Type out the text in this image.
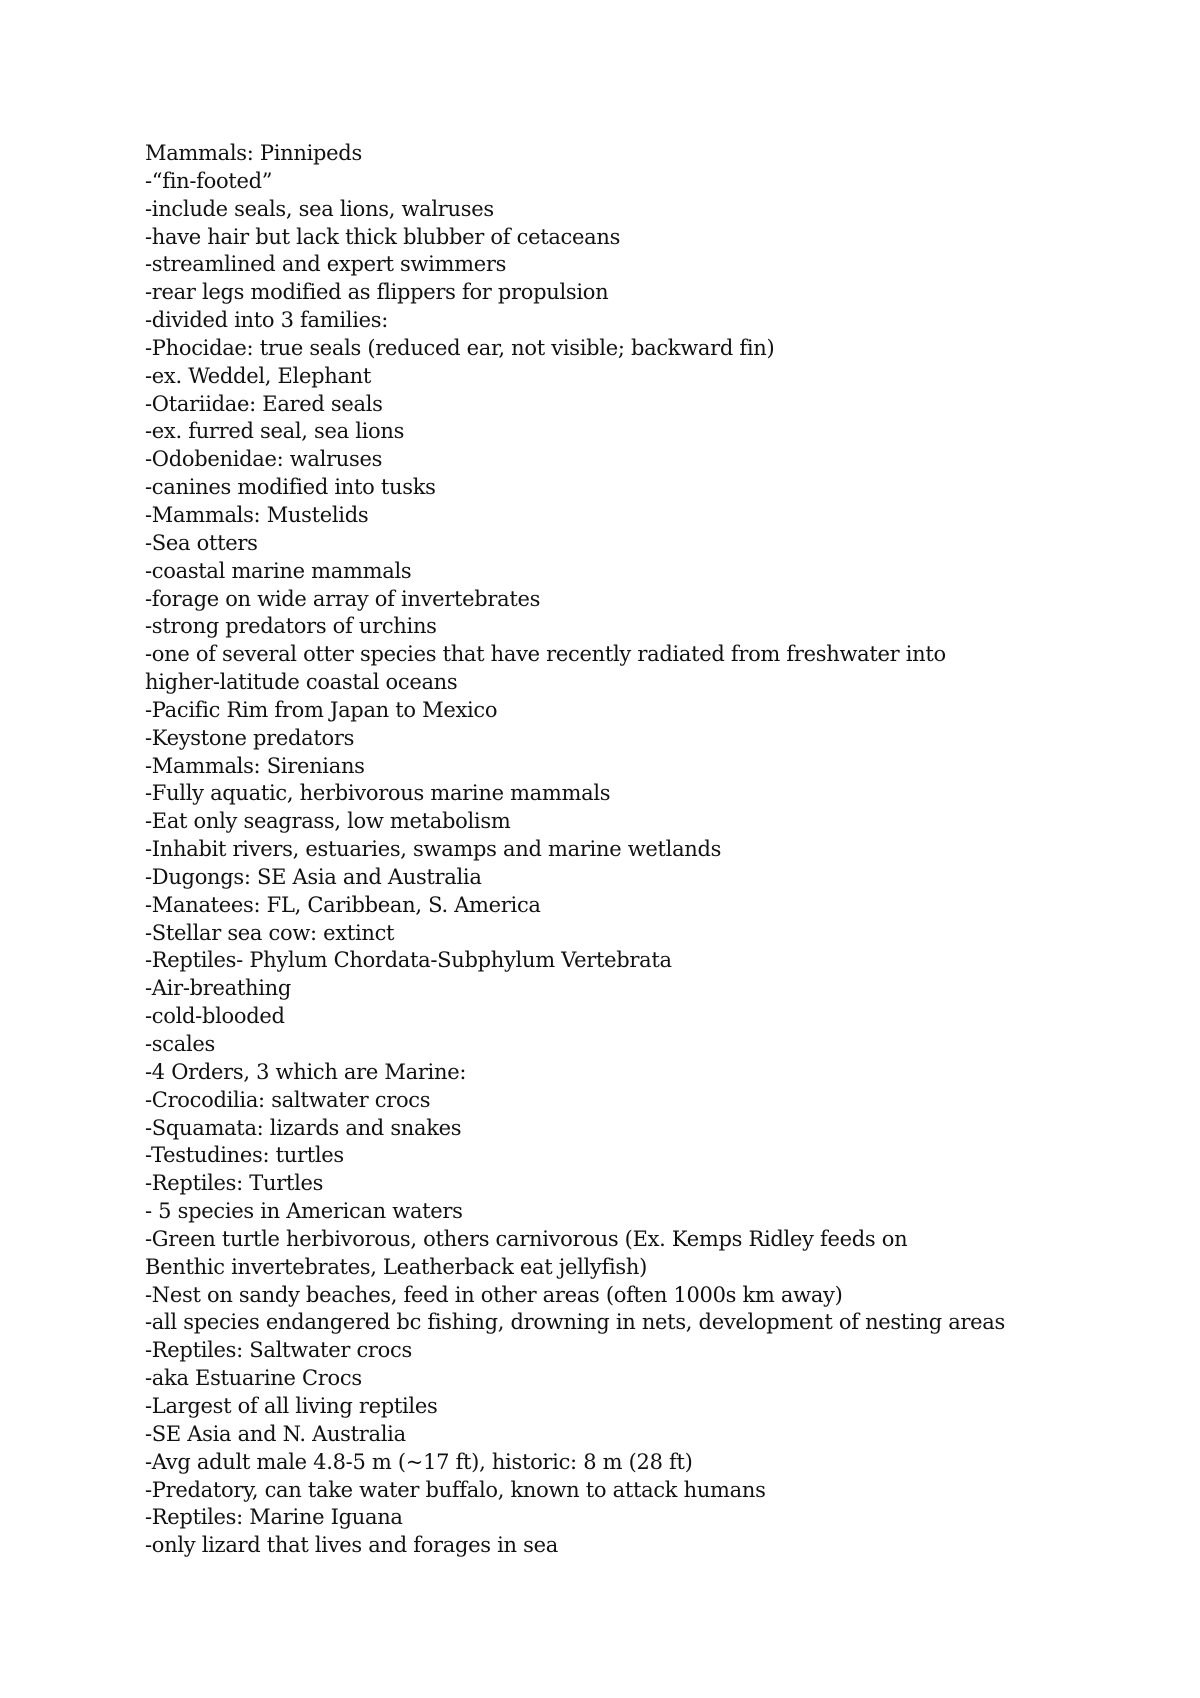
Mammals: Pinnipeds
-“fin-footed”
-include seals, sea lions, walruses
-have hair but lack thick blubber of cetaceans
-streamlined and expert swimmers
-rear legs modified as flippers for propulsion
-divided into 3 families:
-Phocidae: true seals (reduced ear, not visible; backward fin)
-ex. Weddel, Elephant
-Otariidae: Eared seals
-ex. furred seal, sea lions
-Odobenidae: walruses
-canines modified into tusks
-Mammals: Mustelids
-Sea otters
-coastal marine mammals
-forage on wide array of invertebrates
-strong predators of urchins
-one of several otter species that have recently radiated from freshwater into
higher-latitude coastal oceans
-Pacific Rim from Japan to Mexico
-Keystone predators
-Mammals: Sirenians
-Fully aquatic, herbivorous marine mammals
-Eat only seagrass, low metabolism
-Inhabit rivers, estuaries, swamps and marine wetlands
-Dugongs: SE Asia and Australia
-Manatees: FL, Caribbean, S. America
-Stellar sea cow: extinct
-Reptiles- Phylum Chordata-Subphylum Vertebrata
-Air-breathing
-cold-blooded
-scales
-4 Orders, 3 which are Marine:
-Crocodilia: saltwater crocs
-Squamata: lizards and snakes
-Testudines: turtles
-Reptiles: Turtles
- 5 species in American waters
-Green turtle herbivorous, others carnivorous (Ex. Kemps Ridley feeds on
Benthic invertebrates, Leatherback eat jellyfish)
-Nest on sandy beaches, feed in other areas (often 1000s km away)
-all species endangered bc fishing, drowning in nets, development of nesting areas
-Reptiles: Saltwater crocs
-aka Estuarine Crocs
-Largest of all living reptiles
-SE Asia and N. Australia
-Avg adult male 4.8-5 m (~17 ft), historic: 8 m (28 ft)
-Predatory, can take water buffalo, known to attack humans
-Reptiles: Marine Iguana
-only lizard that lives and forages in sea
